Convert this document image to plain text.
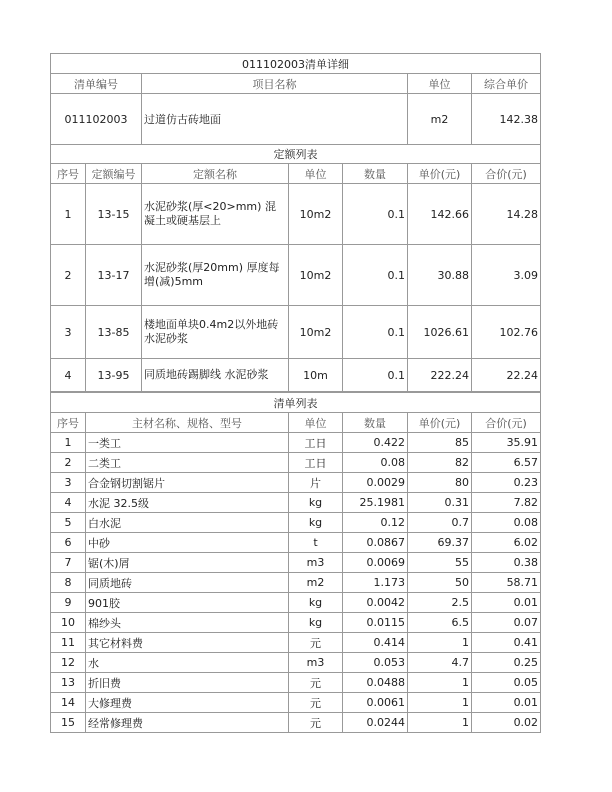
011102003清单详细			
清单编号	项目名称	单位	综合单价
011102003	过道仿古砖地面	m2	142.38
定额列表						
序号	定额编号	定额名称	单位	数量	单价(元)	合价(元)
1	13-15	水泥砂浆(厚<20>mm) 混凝土或硬基层上	10m2	0.1	142.66	14.28
2	13-17	水泥砂浆(厚20mm) 厚度每增(减)5mm	10m2	0.1	30.88	3.09
3	13-85	楼地面单块0.4m2以外地砖 水泥砂浆	10m2	0.1	1026.61	102.76
4	13-95	同质地砖踢脚线 水泥砂浆	10m	0.1	222.24	22.24
清单列表					
序号	主材名称、规格、型号	单位	数量	单价(元)	合价(元)
1	一类工	工日	0.422	85	35.91
2	二类工	工日	0.08	82	6.57
3	合金钢切割锯片	片	0.0029	80	0.23
4	水泥 32.5级	kg	25.1981	0.31	7.82
5	白水泥	kg	0.12	0.7	0.08
6	中砂	t	0.0867	69.37	6.02
7	锯(木)屑	m3	0.0069	55	0.38
8	同质地砖	m2	1.173	50	58.71
9	901胶	kg	0.0042	2.5	0.01
10	棉纱头	kg	0.0115	6.5	0.07
11	其它材料费	元	0.414	1	0.41
12	水	m3	0.053	4.7	0.25
13	折旧费	元	0.0488	1	0.05
14	大修理费	元	0.0061	1	0.01
15	经常修理费	元	0.0244	1	0.02
